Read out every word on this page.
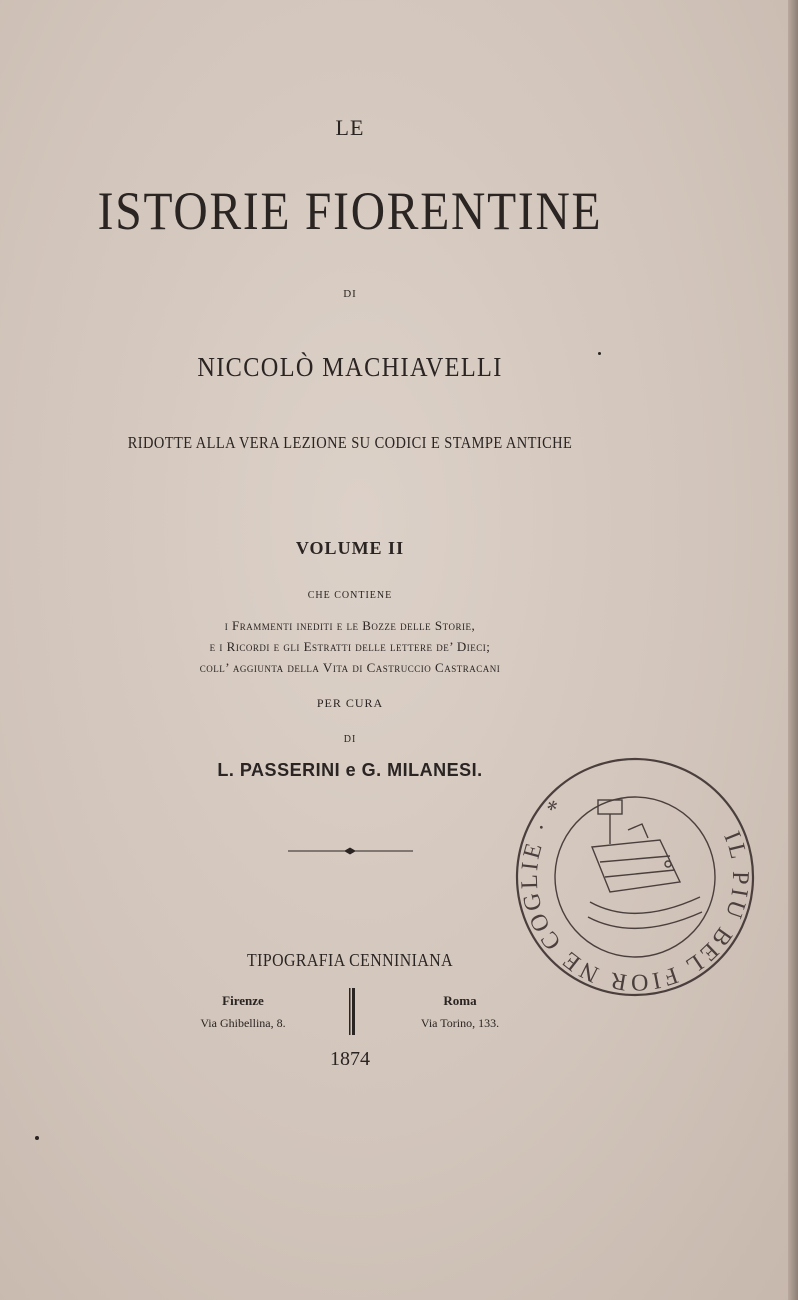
LE
ISTORIE FIORENTINE
DI
NICCOLÒ MACHIAVELLI
RIDOTTE ALLA VERA LEZIONE SU CODICI E STAMPE ANTICHE
VOLUME II
CHE CONTIENE
i Frammenti inediti e le Bozze delle Storie,
e i Ricordi e gli Estratti delle lettere de’ Dieci;
coll’ aggiunta della Vita di Castruccio Castracani
PER CURA
DI
L. PASSERINI e G. MILANESI.
TIPOGRAFIA CENNINIANA
Firenze
Via Ghibellina, 8.
Roma
Via Torino, 133.
1874
IL PIU BEL FIOR NE COGLIE · *
